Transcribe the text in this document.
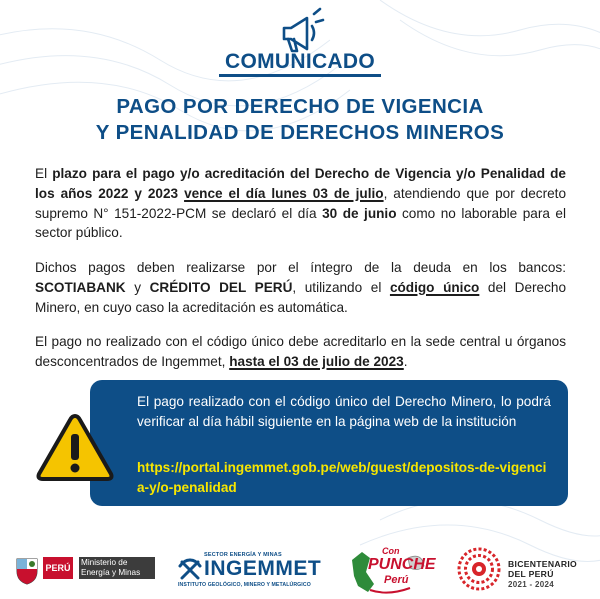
COMUNICADO
PAGO POR DERECHO DE VIGENCIA
Y PENALIDAD DE DERECHOS MINEROS
El plazo para el pago y/o acreditación del Derecho de Vigencia y/o Penalidad de los años 2022 y 2023 vence el día lunes 03 de julio, atendiendo que por decreto supremo N° 151-2022-PCM se declaró el día 30 de junio como no laborable para el sector público.
Dichos pagos deben realizarse por el íntegro de la deuda en los bancos: SCOTIABANK y CRÉDITO DEL PERÚ, utilizando el código único del Derecho Minero, en cuyo caso la acreditación es automática.
El pago no realizado con el código único debe acreditarlo en la sede central u órganos desconcentrados de Ingemmet, hasta el 03 de julio de 2023.
El pago realizado con el código único del Derecho Minero, lo podrá verificar al día hábil siguiente en la página web de la institución
https://portal.ingemmet.gob.pe/web/guest/depositos-de-vigencia-y/o-penalidad
PERÚ
Ministerio de Energía y Minas
SECTOR ENERGÍA Y MINAS
INGEMMET
INSTITUTO GEOLÓGICO, MINERO Y METALÚRGICO
Con
PUNCHE
Perú
BICENTENARIO
DEL PERÚ
2021 - 2024
